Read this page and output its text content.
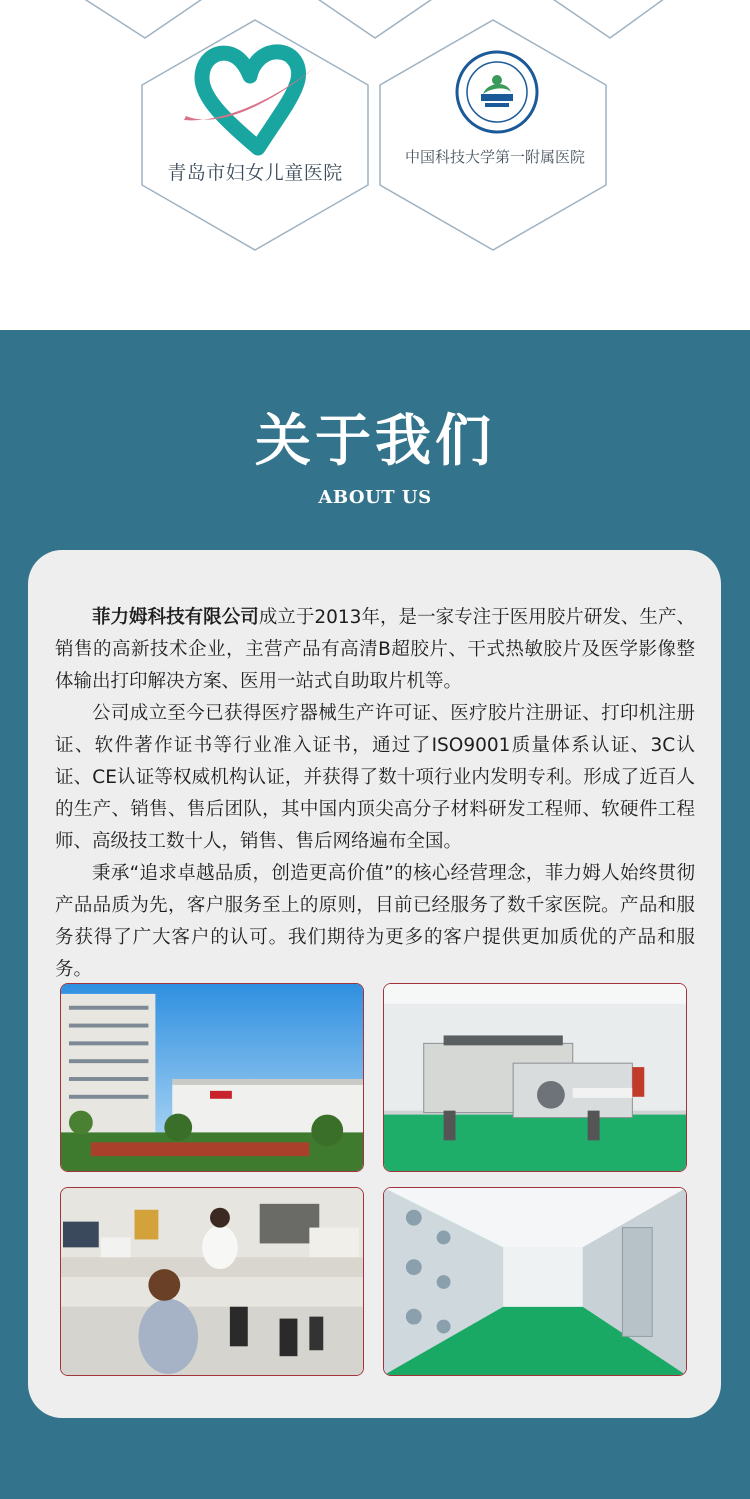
青岛市妇女儿童医院
中国科技大学第一附属医院
关于我们
ABOUT US

菲力姆科技有限公司成立于2013年，是一家专注于医用胶片研发、生产、销售的高新技术企业，主营产品有高清B超胶片、干式热敏胶片及医学影像整体输出打印解决方案、医用一站式自助取片机等。

公司成立至今已获得医疗器械生产许可证、医疗胶片注册证、打印机注册证、软件著作证书等行业准入证书，通过了ISO9001质量体系认证、3C认证、CE认证等权威机构认证，并获得了数十项行业内发明专利。形成了近百人的生产、销售、售后团队，其中国内顶尖高分子材料研发工程师、软硬件工程师、高级技工数十人，销售、售后网络遍布全国。

秉承“追求卓越品质，创造更高价值”的核心经营理念，菲力姆人始终贯彻产品品质为先，客户服务至上的原则，目前已经服务了数千家医院。产品和服务获得了广大客户的认可。我们期待为更多的客户提供更加质优的产品和服务。
